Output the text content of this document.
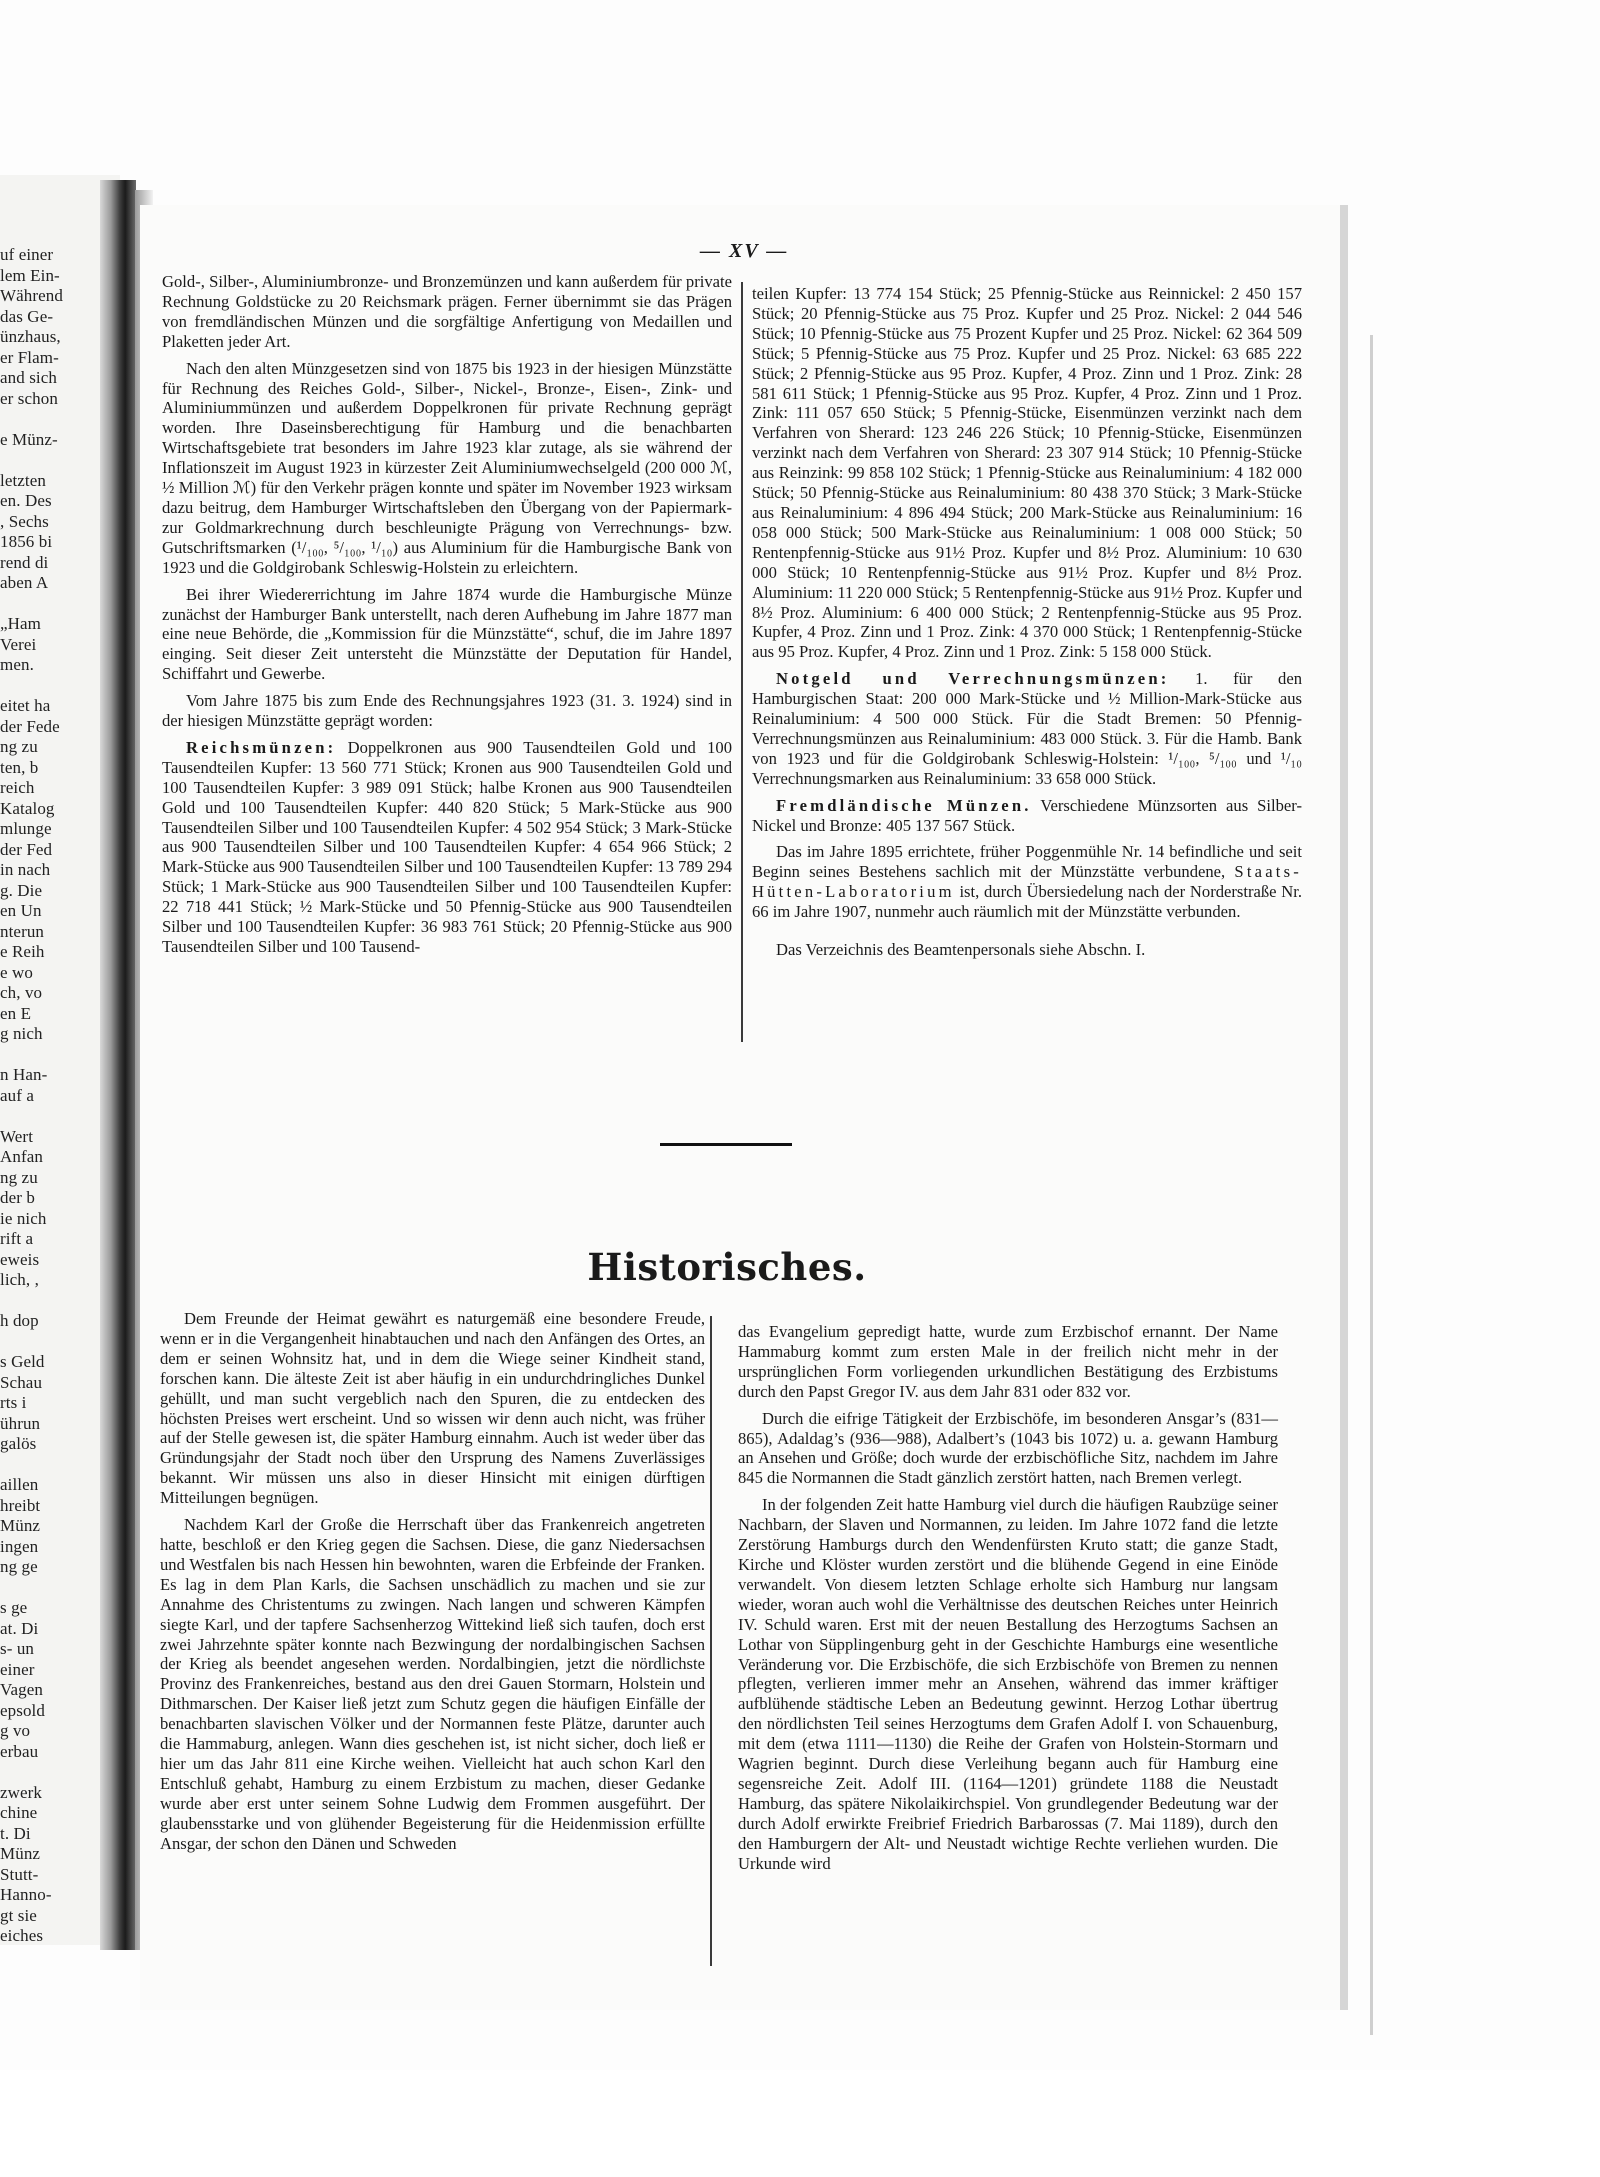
uf einer
lem Ein-
Während
das Ge-
ünzhaus,
er Flam-
and sich
er schon
e Münz-
letzten
en. Des
, Sechs
1856 bi
rend di
aben A
„Ham
Verei
men.
eitet ha
der Fede
ng zu
ten, b
reich
Katalog
mlunge
der Fed
in nach
g. Die
en Un
nterun
e Reih
e wo
ch, vo
en E
g nich
n Han-
auf a
Wert
Anfan
ng zu
der b
ie nich
rift a
eweis
lich, ,
h dop
s Geld
Schau
rts i
ührun
galös
aillen
hreibt
Münz
ingen
ng ge
s ge
at. Di
s- un
einer
Vagen
epsold
g vo
erbau
zwerk
chine
t. Di
Münz
Stutt-
Hanno-
gt sie
eiches
— XV —

Gold-, Silber-, Aluminiumbronze- und Bronzemünzen und kann außerdem für private Rechnung Goldstücke zu 20 Reichsmark prägen. Ferner übernimmt sie das Prägen von fremdländischen Münzen und die sorgfältige Anfertigung von Medaillen und Plaketten jeder Art.

Nach den alten Münzgesetzen sind von 1875 bis 1923 in der hiesigen Münzstätte für Rechnung des Reiches Gold-, Silber-, Nickel-, Bronze-, Eisen-, Zink- und Aluminiummünzen und außerdem Doppelkronen für private Rechnung geprägt worden. Ihre Daseinsberechtigung für Hamburg und die benachbarten Wirtschaftsgebiete trat besonders im Jahre 1923 klar zutage, als sie während der Inflationszeit im August 1923 in kürzester Zeit Aluminiumwechselgeld (200 000 ℳ, ½ Million ℳ) für den Verkehr prägen konnte und später im November 1923 wirksam dazu beitrug, dem Hamburger Wirtschaftsleben den Übergang von der Papiermark- zur Goldmarkrechnung durch beschleunigte Prägung von Verrechnungs- bzw. Gutschriftsmarken (¹/₁₀₀, ⁵/₁₀₀, ¹/₁₀) aus Aluminium für die Hamburgische Bank von 1923 und die Goldgirobank Schleswig-Holstein zu erleichtern.

Bei ihrer Wiedererrichtung im Jahre 1874 wurde die Hamburgische Münze zunächst der Hamburger Bank unterstellt, nach deren Aufhebung im Jahre 1877 man eine neue Behörde, die „Kommission für die Münzstätte“, schuf, die im Jahre 1897 einging. Seit dieser Zeit untersteht die Münzstätte der Deputation für Handel, Schiffahrt und Gewerbe.

Vom Jahre 1875 bis zum Ende des Rechnungsjahres 1923 (31. 3. 1924) sind in der hiesigen Münzstätte geprägt worden:

Reichsmünzen: Doppelkronen aus 900 Tausendteilen Gold und 100 Tausendteilen Kupfer: 13 560 771 Stück; Kronen aus 900 Tausendteilen Gold und 100 Tausendteilen Kupfer: 3 989 091 Stück; halbe Kronen aus 900 Tausendteilen Gold und 100 Tausendteilen Kupfer: 440 820 Stück; 5 Mark-Stücke aus 900 Tausendteilen Silber und 100 Tausendteilen Kupfer: 4 502 954 Stück; 3 Mark-Stücke aus 900 Tausendteilen Silber und 100 Tausendteilen Kupfer: 4 654 966 Stück; 2 Mark-Stücke aus 900 Tausendteilen Silber und 100 Tausendteilen Kupfer: 13 789 294 Stück; 1 Mark-Stücke aus 900 Tausendteilen Silber und 100 Tausendteilen Kupfer: 22 718 441 Stück; ½ Mark-Stücke und 50 Pfennig-Stücke aus 900 Tausendteilen Silber und 100 Tausendteilen Kupfer: 36 983 761 Stück; 20 Pfennig-Stücke aus 900 Tausendteilen Silber und 100 Tausend-

teilen Kupfer: 13 774 154 Stück; 25 Pfennig-Stücke aus Reinnickel: 2 450 157 Stück; 20 Pfennig-Stücke aus 75 Proz. Kupfer und 25 Proz. Nickel: 2 044 546 Stück; 10 Pfennig-Stücke aus 75 Prozent Kupfer und 25 Proz. Nickel: 62 364 509 Stück; 5 Pfennig-Stücke aus 75 Proz. Kupfer und 25 Proz. Nickel: 63 685 222 Stück; 2 Pfennig-Stücke aus 95 Proz. Kupfer, 4 Proz. Zinn und 1 Proz. Zink: 28 581 611 Stück; 1 Pfennig-Stücke aus 95 Proz. Kupfer, 4 Proz. Zinn und 1 Proz. Zink: 111 057 650 Stück; 5 Pfennig-Stücke, Eisenmünzen verzinkt nach dem Verfahren von Sherard: 123 246 226 Stück; 10 Pfennig-Stücke, Eisenmünzen verzinkt nach dem Verfahren von Sherard: 23 307 914 Stück; 10 Pfennig-Stücke aus Reinzink: 99 858 102 Stück; 1 Pfennig-Stücke aus Reinaluminium: 4 182 000 Stück; 50 Pfennig-Stücke aus Reinaluminium: 80 438 370 Stück; 3 Mark-Stücke aus Reinaluminium: 4 896 494 Stück; 200 Mark-Stücke aus Reinaluminium: 16 058 000 Stück; 500 Mark-Stücke aus Reinaluminium: 1 008 000 Stück; 50 Rentenpfennig-Stücke aus 91½ Proz. Kupfer und 8½ Proz. Aluminium: 10 630 000 Stück; 10 Rentenpfennig-Stücke aus 91½ Proz. Kupfer und 8½ Proz. Aluminium: 11 220 000 Stück; 5 Rentenpfennig-Stücke aus 91½ Proz. Kupfer und 8½ Proz. Aluminium: 6 400 000 Stück; 2 Rentenpfennig-Stücke aus 95 Proz. Kupfer, 4 Proz. Zinn und 1 Proz. Zink: 4 370 000 Stück; 1 Rentenpfennig-Stücke aus 95 Proz. Kupfer, 4 Proz. Zinn und 1 Proz. Zink: 5 158 000 Stück.

Notgeld und Verrechnungsmünzen: 1. für den Hamburgischen Staat: 200 000 Mark-Stücke und ½ Million-Mark-Stücke aus Reinaluminium: 4 500 000 Stück. Für die Stadt Bremen: 50 Pfennig-Verrechnungsmünzen aus Reinaluminium: 483 000 Stück. 3. Für die Hamb. Bank von 1923 und für die Goldgirobank Schleswig-Holstein: ¹/₁₀₀, ⁵/₁₀₀ und ¹/₁₀ Verrechnungsmarken aus Reinaluminium: 33 658 000 Stück.

Fremdländische Münzen. Verschiedene Münzsorten aus Silber-Nickel und Bronze: 405 137 567 Stück.

Das im Jahre 1895 errichtete, früher Poggenmühle Nr. 14 befindliche und seit Beginn seines Bestehens sachlich mit der Münzstätte verbundene, Staats-Hütten-Laboratorium ist, durch Übersiedelung nach der Norderstraße Nr. 66 im Jahre 1907, nunmehr auch räumlich mit der Münzstätte verbunden.

Das Verzeichnis des Beamtenpersonals siehe Abschn. I.

Historisches.

Dem Freunde der Heimat gewährt es naturgemäß eine besondere Freude, wenn er in die Vergangenheit hinabtauchen und nach den Anfängen des Ortes, an dem er seinen Wohnsitz hat, und in dem die Wiege seiner Kindheit stand, forschen kann. Die älteste Zeit ist aber häufig in ein undurchdringliches Dunkel gehüllt, und man sucht vergeblich nach den Spuren, die zu entdecken des höchsten Preises wert erscheint. Und so wissen wir denn auch nicht, was früher auf der Stelle gewesen ist, die später Hamburg einnahm. Auch ist weder über das Gründungsjahr der Stadt noch über den Ursprung des Namens Zuverlässiges bekannt. Wir müssen uns also in dieser Hinsicht mit einigen dürftigen Mitteilungen begnügen.

Nachdem Karl der Große die Herrschaft über das Frankenreich angetreten hatte, beschloß er den Krieg gegen die Sachsen. Diese, die ganz Niedersachsen und Westfalen bis nach Hessen hin bewohnten, waren die Erbfeinde der Franken. Es lag in dem Plan Karls, die Sachsen unschädlich zu machen und sie zur Annahme des Christentums zu zwingen. Nach langen und schweren Kämpfen siegte Karl, und der tapfere Sachsenherzog Wittekind ließ sich taufen, doch erst zwei Jahrzehnte später konnte nach Bezwingung der nordalbingischen Sachsen der Krieg als beendet angesehen werden. Nordalbingien, jetzt die nördlichste Provinz des Frankenreiches, bestand aus den drei Gauen Stormarn, Holstein und Dithmarschen. Der Kaiser ließ jetzt zum Schutz gegen die häufigen Einfälle der benachbarten slavischen Völker und der Normannen feste Plätze, darunter auch die Hammaburg, anlegen. Wann dies geschehen ist, ist nicht sicher, doch ließ er hier um das Jahr 811 eine Kirche weihen. Vielleicht hat auch schon Karl den Entschluß gehabt, Hamburg zu einem Erzbistum zu machen, dieser Gedanke wurde aber erst unter seinem Sohne Ludwig dem Frommen ausgeführt. Der glaubensstarke und von glühender Begeisterung für die Heidenmission erfüllte Ansgar, der schon den Dänen und Schweden

das Evangelium gepredigt hatte, wurde zum Erzbischof ernannt. Der Name Hammaburg kommt zum ersten Male in der freilich nicht mehr in der ursprünglichen Form vorliegenden urkundlichen Bestätigung des Erzbistums durch den Papst Gregor IV. aus dem Jahr 831 oder 832 vor.

Durch die eifrige Tätigkeit der Erzbischöfe, im besonderen Ansgar’s (831—865), Adaldag’s (936—988), Adalbert’s (1043 bis 1072) u. a. gewann Hamburg an Ansehen und Größe; doch wurde der erzbischöfliche Sitz, nachdem im Jahre 845 die Normannen die Stadt gänzlich zerstört hatten, nach Bremen verlegt.

In der folgenden Zeit hatte Hamburg viel durch die häufigen Raubzüge seiner Nachbarn, der Slaven und Normannen, zu leiden. Im Jahre 1072 fand die letzte Zerstörung Hamburgs durch den Wendenfürsten Kruto statt; die ganze Stadt, Kirche und Klöster wurden zerstört und die blühende Gegend in eine Einöde verwandelt. Von diesem letzten Schlage erholte sich Hamburg nur langsam wieder, woran auch wohl die Verhältnisse des deutschen Reiches unter Heinrich IV. Schuld waren. Erst mit der neuen Bestallung des Herzogtums Sachsen an Lothar von Süpplingenburg geht in der Geschichte Hamburgs eine wesentliche Veränderung vor. Die Erzbischöfe, die sich Erzbischöfe von Bremen zu nennen pflegten, verlieren immer mehr an Ansehen, während das immer kräftiger aufblühende städtische Leben an Bedeutung gewinnt. Herzog Lothar übertrug den nördlichsten Teil seines Herzogtums dem Grafen Adolf I. von Schauenburg, mit dem (etwa 1111—1130) die Reihe der Grafen von Holstein-Stormarn und Wagrien beginnt. Durch diese Verleihung begann auch für Hamburg eine segensreiche Zeit. Adolf III. (1164—1201) gründete 1188 die Neustadt Hamburg, das spätere Nikolaikirchspiel. Von grundlegender Bedeutung war der durch Adolf erwirkte Freibrief Friedrich Barbarossas (7. Mai 1189), durch den den Hamburgern der Alt- und Neustadt wichtige Rechte verliehen wurden. Die Urkunde wird
